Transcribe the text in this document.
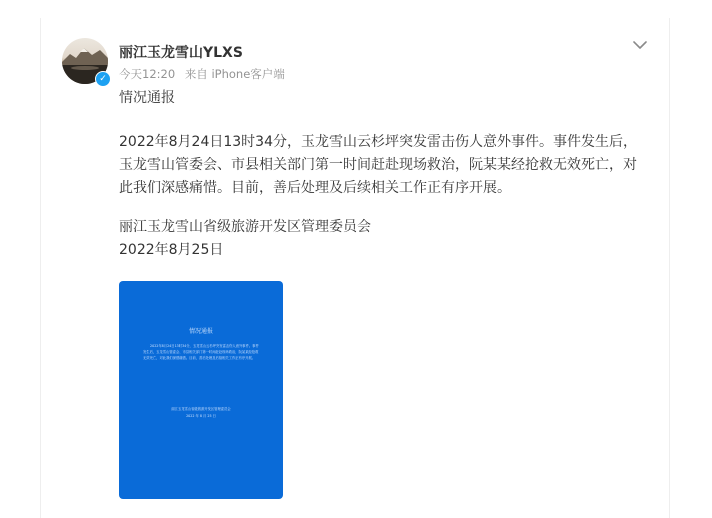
✓
丽江玉龙雪山YLXS
今天12:20 来自 iPhone客户端

情况通报

2022年8月24日13时34分，玉龙雪山云杉坪突发雷击伤人意外事件。事件发生后，玉龙雪山管委会、市县相关部门第一时间赶赴现场救治，阮某某经抢救无效死亡，对此我们深感痛惜。目前，善后处理及后续相关工作正有序开展。

丽江玉龙雪山省级旅游开发区管理委员会

2022年8月25日

情况通报
2022年8月24日13时34分，玉龙雪山云杉坪突发雷击伤人意外事件。事件发生后，玉龙雪山管委会、市县相关部门第一时间赶赴现场救治，阮某某经抢救无效死亡，对此我们深感痛惜。目前，善后处理及后续相关工作正有序开展。
丽江玉龙雪山省级旅游开发区管理委员会
2022 年 8 月 25 日
